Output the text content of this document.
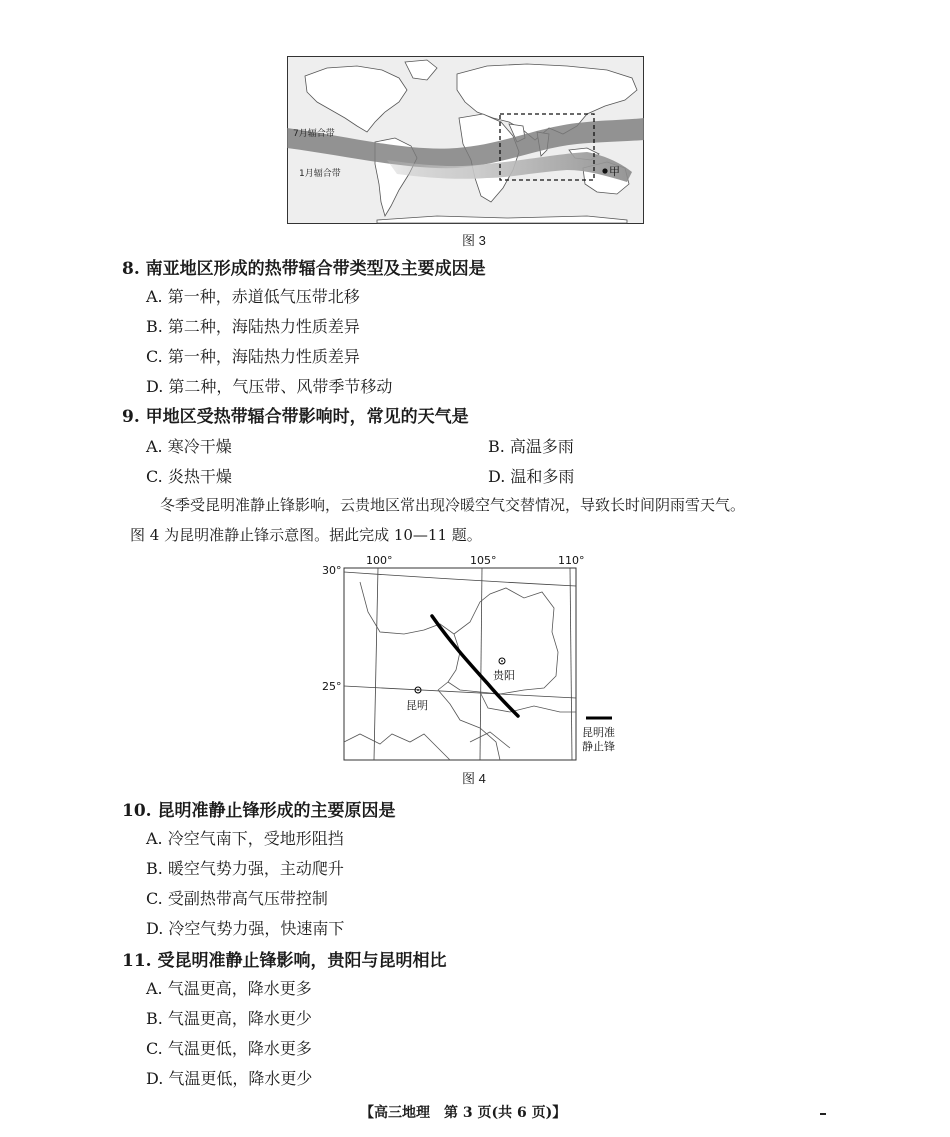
甲
7月辐合带
1月辐合带
图 3
8. 南亚地区形成的热带辐合带类型及主要成因是
A. 第一种，赤道低气压带北移
B. 第二种，海陆热力性质差异
C. 第一种，海陆热力性质差异
D. 第二种，气压带、风带季节移动
9. 甲地区受热带辐合带影响时，常见的天气是
A. 寒冷干燥	B. 高温多雨
C. 炎热干燥	D. 温和多雨
冬季受昆明准静止锋影响，云贵地区常出现冷暖空气交替情况，导致长时间阴雨雪天气。
图 4 为昆明准静止锋示意图。据此完成 10—11 题。
贵阳
昆明
100°	105°	110°
30°
25°
昆明准
静止锋
图 4
10. 昆明准静止锋形成的主要原因是
A. 冷空气南下，受地形阻挡
B. 暖空气势力强，主动爬升
C. 受副热带高气压带控制
D. 冷空气势力强，快速南下
11. 受昆明准静止锋影响，贵阳与昆明相比
A. 气温更高，降水更多
B. 气温更高，降水更少
C. 气温更低，降水更多
D. 气温更低，降水更少
【高三地理　第 3 页(共 6 页)】
